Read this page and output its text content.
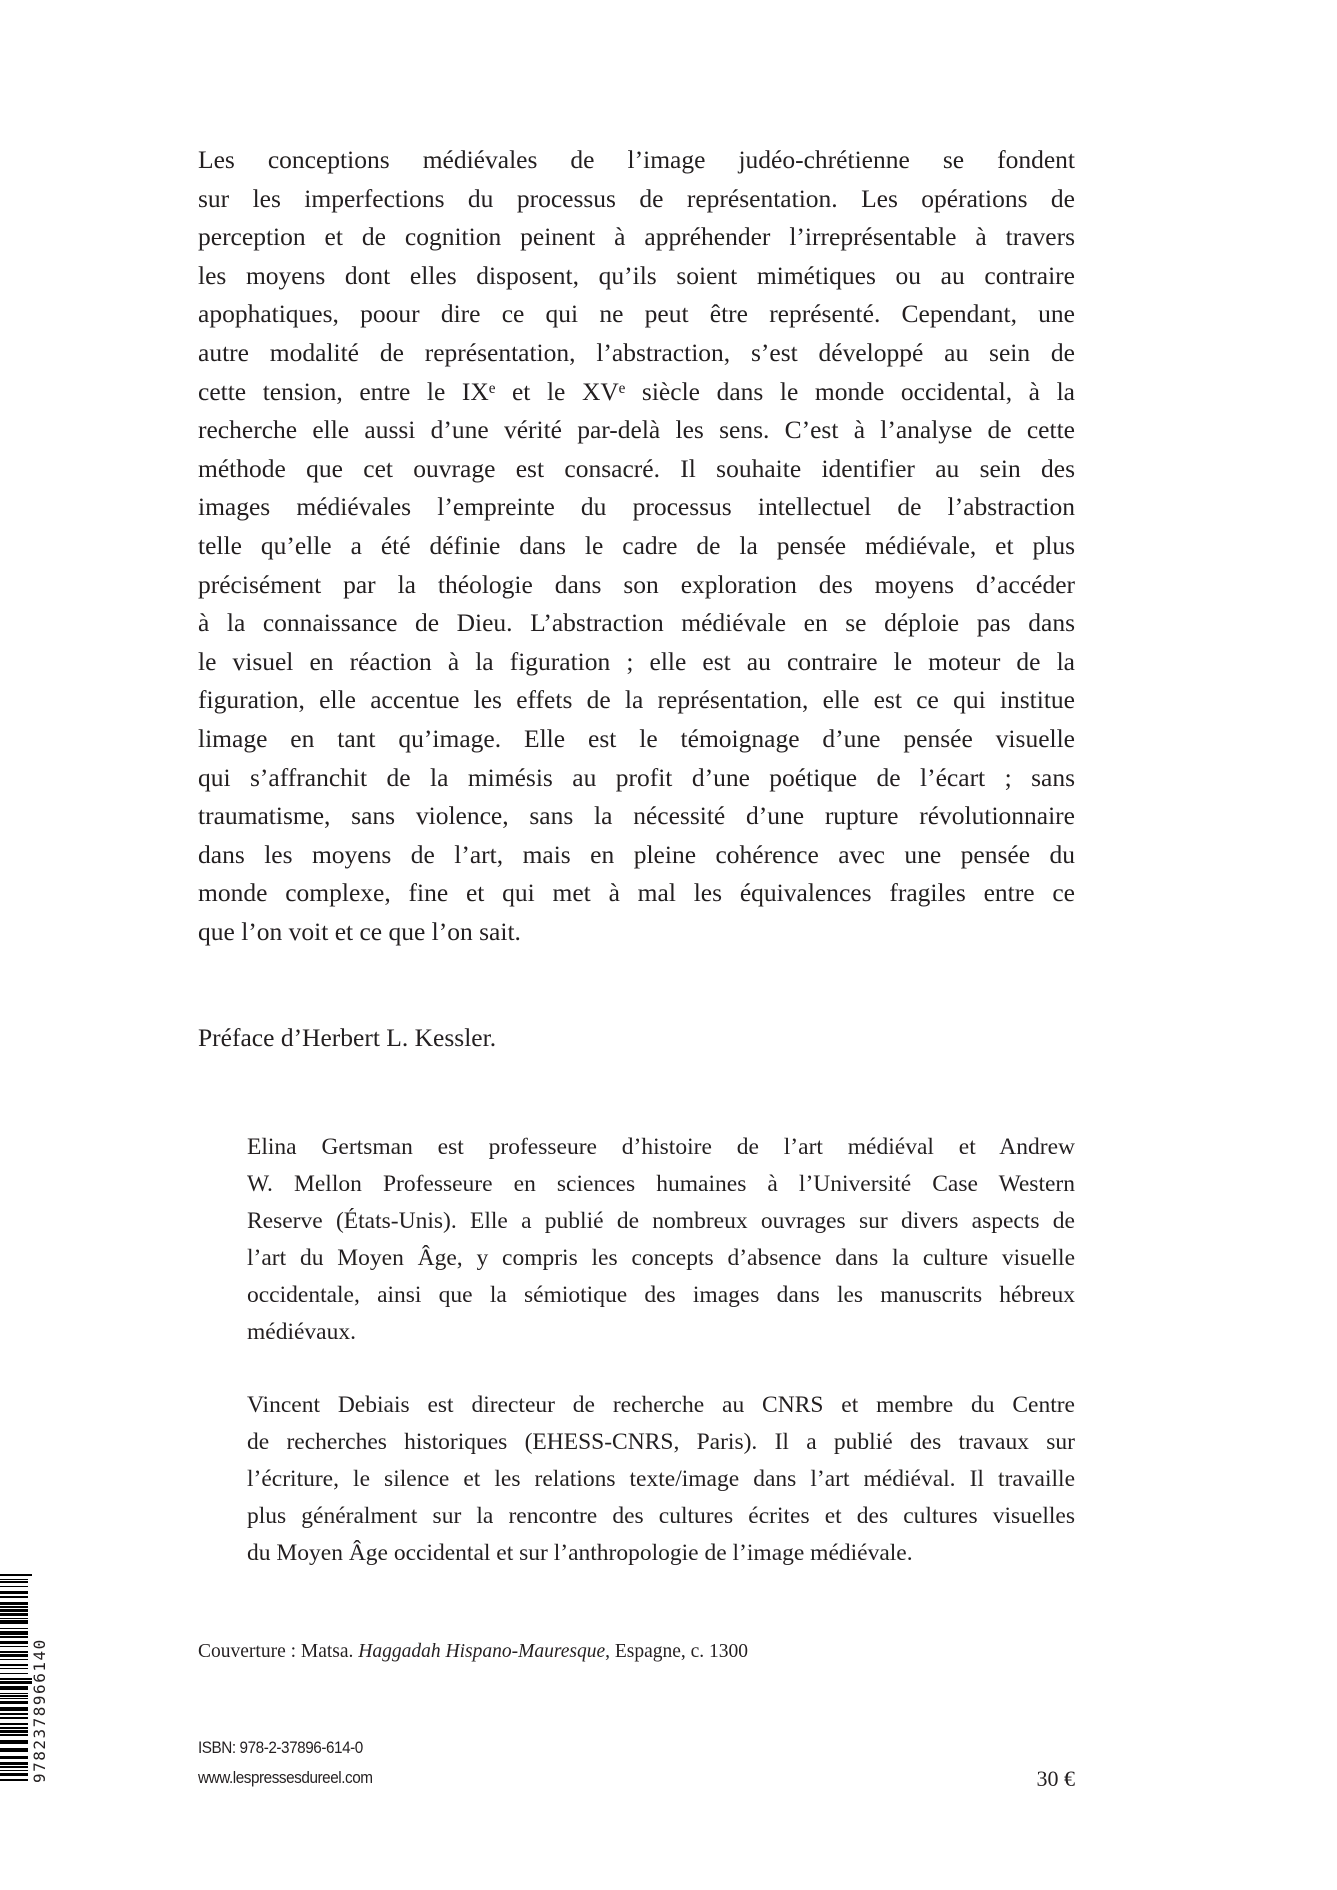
Les conceptions médiévales de l’image judéo-chrétienne se fondent
sur les imperfections du processus de représentation. Les opérations de
perception et de cognition peinent à appréhender l’irreprésentable à travers
les moyens dont elles disposent, qu’ils soient mimétiques ou au contraire
apophatiques, poour dire ce qui ne peut être représenté. Cependant, une
autre modalité de représentation, l’abstraction, s’est développé au sein de
cette tension, entre le IXᵉ et le XVᵉ siècle dans le monde occidental, à la
recherche elle aussi d’une vérité par-delà les sens. C’est à l’analyse de cette
méthode que cet ouvrage est consacré. Il souhaite identifier au sein des
images médiévales l’empreinte du processus intellectuel de l’abstraction
telle qu’elle a été définie dans le cadre de la pensée médiévale, et plus
précisément par la théologie dans son exploration des moyens d’accéder
à la connaissance de Dieu. L’abstraction médiévale en se déploie pas dans
le visuel en réaction à la figuration ; elle est au contraire le moteur de la
figuration, elle accentue les effets de la représentation, elle est ce qui institue
limage en tant qu’image. Elle est le témoignage d’une pensée visuelle
qui s’affranchit de la mimésis au profit d’une poétique de l’écart ; sans
traumatisme, sans violence, sans la nécessité d’une rupture révolutionnaire
dans les moyens de l’art, mais en pleine cohérence avec une pensée du
monde complexe, fine et qui met à mal les équivalences fragiles entre ce
que l’on voit et ce que l’on sait.
Préface d’Herbert L. Kessler.
Elina Gertsman est professeure d’histoire de l’art médiéval et Andrew
W. Mellon Professeure en sciences humaines à l’Université Case Western
Reserve (États-Unis). Elle a publié de nombreux ouvrages sur divers aspects de
l’art du Moyen Âge, y compris les concepts d’absence dans la culture visuelle
occidentale, ainsi que la sémiotique des images dans les manuscrits hébreux
médiévaux.
Vincent Debiais est directeur de recherche au CNRS et membre du Centre
de recherches historiques (EHESS-CNRS, Paris). Il a publié des travaux sur
l’écriture, le silence et les relations texte/image dans l’art médiéval. Il travaille
plus généralment sur la rencontre des cultures écrites et des cultures visuelles
du Moyen Âge occidental et sur l’anthropologie de l’image médiévale.
Couverture : Matsa. Haggadah Hispano-Mauresque, Espagne, c. 1300
ISBN: 978-2-37896-614-0
www.lespressesdureel.com	30 €
9782378966140
